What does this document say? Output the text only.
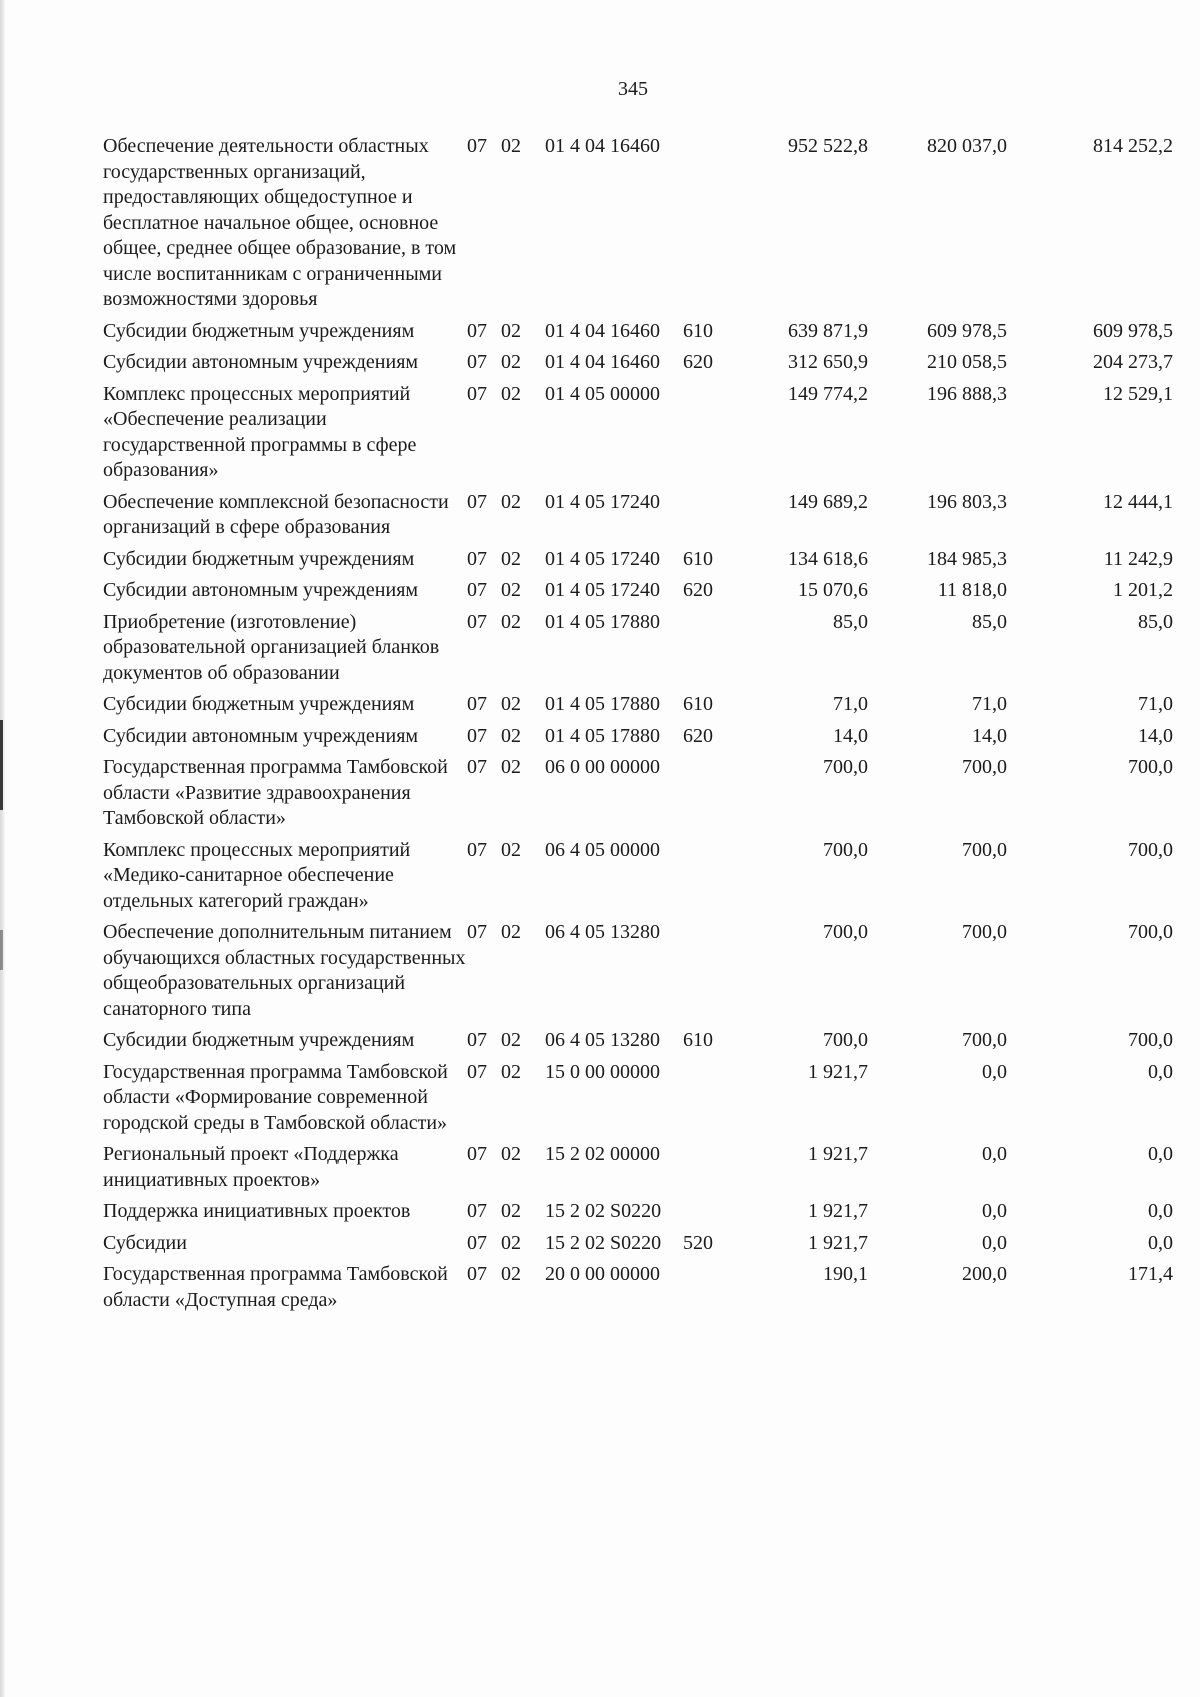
345
Обеспечение деятельности областных государственных организаций, предоставляющих общедоступное и бесплатное начальное общее, основное общее, среднее общее образование, в том числе воспитанникам с ограниченными возможностями здоровья	07	02	01 4 04 16460		952 522,8	820 037,0	814 252,2
Субсидии бюджетным учреждениям	07	02	01 4 04 16460	610	639 871,9	609 978,5	609 978,5
Субсидии автономным учреждениям	07	02	01 4 04 16460	620	312 650,9	210 058,5	204 273,7
Комплекс процессных мероприятий «Обеспечение реализации государственной программы в сфере образования»	07	02	01 4 05 00000		149 774,2	196 888,3	12 529,1
Обеспечение комплексной безопасности организаций в сфере образования	07	02	01 4 05 17240		149 689,2	196 803,3	12 444,1
Субсидии бюджетным учреждениям	07	02	01 4 05 17240	610	134 618,6	184 985,3	11 242,9
Субсидии автономным учреждениям	07	02	01 4 05 17240	620	15 070,6	11 818,0	1 201,2
Приобретение (изготовление) образовательной организацией бланков документов об образовании	07	02	01 4 05 17880		85,0	85,0	85,0
Субсидии бюджетным учреждениям	07	02	01 4 05 17880	610	71,0	71,0	71,0
Субсидии автономным учреждениям	07	02	01 4 05 17880	620	14,0	14,0	14,0
Государственная программа Тамбовской области «Развитие здравоохранения Тамбовской области»	07	02	06 0 00 00000		700,0	700,0	700,0
Комплекс процессных мероприятий «Медико-санитарное обеспечение отдельных категорий граждан»	07	02	06 4 05 00000		700,0	700,0	700,0
Обеспечение дополнительным питанием обучающихся областных государственных общеобразовательных организаций санаторного типа	07	02	06 4 05 13280		700,0	700,0	700,0
Субсидии бюджетным учреждениям	07	02	06 4 05 13280	610	700,0	700,0	700,0
Государственная программа Тамбовской области «Формирование современной городской среды в Тамбовской области»	07	02	15 0 00 00000		1 921,7	0,0	0,0
Региональный проект «Поддержка инициативных проектов»	07	02	15 2 02 00000		1 921,7	0,0	0,0
Поддержка инициативных проектов	07	02	15 2 02 S0220		1 921,7	0,0	0,0
Субсидии	07	02	15 2 02 S0220	520	1 921,7	0,0	0,0
Государственная программа Тамбовской области «Доступная среда»	07	02	20 0 00 00000		190,1	200,0	171,4
